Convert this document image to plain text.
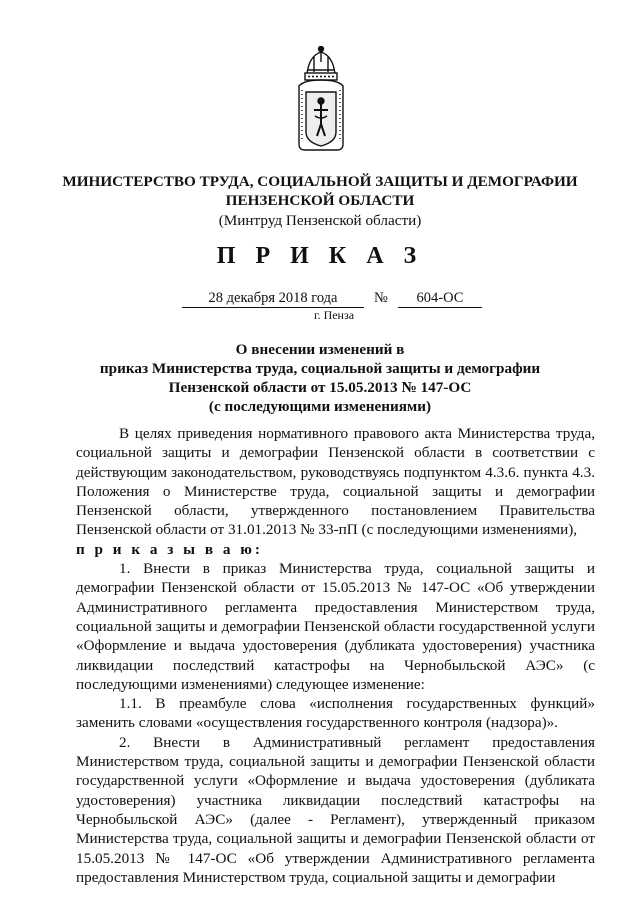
МИНИСТЕРСТВО ТРУДА, СОЦИАЛЬНОЙ ЗАЩИТЫ И ДЕМОГРАФИИ
ПЕНЗЕНСКОЙ ОБЛАСТИ
(Минтруд Пензенской области)
П Р И К А З
28 декабря 2018 года	№	604-ОС
г. Пенза
О внесении изменений в
приказ Министерства труда, социальной защиты и демографии
Пензенской области от 15.05.2013 № 147-ОС
(с последующими изменениями)

В целях приведения нормативного правового акта Министерства труда, социальной защиты и демографии Пензенской области в соответствии с действующим законодательством, руководствуясь подпунктом 4.3.6. пункта 4.3. Положения о Министерстве труда, социальной защиты и демографии Пензенской области, утвержденного постановлением Правительства Пензенской области от 31.01.2013 № 33-пП (с последующими изменениями),
п р и к а з ы в а ю:

1. Внести в приказ Министерства труда, социальной защиты и демографии Пензенской области от 15.05.2013 № 147-ОС «Об утверждении Административного регламента предоставления Министерством труда, социальной защиты и демографии Пензенской области государственной услуги «Оформление и выдача удостоверения (дубликата удостоверения) участника ликвидации последствий катастрофы на Чернобыльской АЭС» (с последующими изменениями) следующее изменение:

1.1. В преамбуле слова «исполнения государственных функций» заменить словами «осуществления государственного контроля (надзора)».

2. Внести в Административный регламент предоставления Министерством труда, социальной защиты и демографии Пензенской области государственной услуги «Оформление и выдача удостоверения (дубликата удостоверения) участника ликвидации последствий катастрофы на Чернобыльской АЭС» (далее - Регламент), утвержденный приказом Министерства труда, социальной защиты и демографии Пензенской области от 15.05.2013 № 147-ОС «Об утверждении Административного регламента предоставления Министерством труда, социальной защиты и демографии
